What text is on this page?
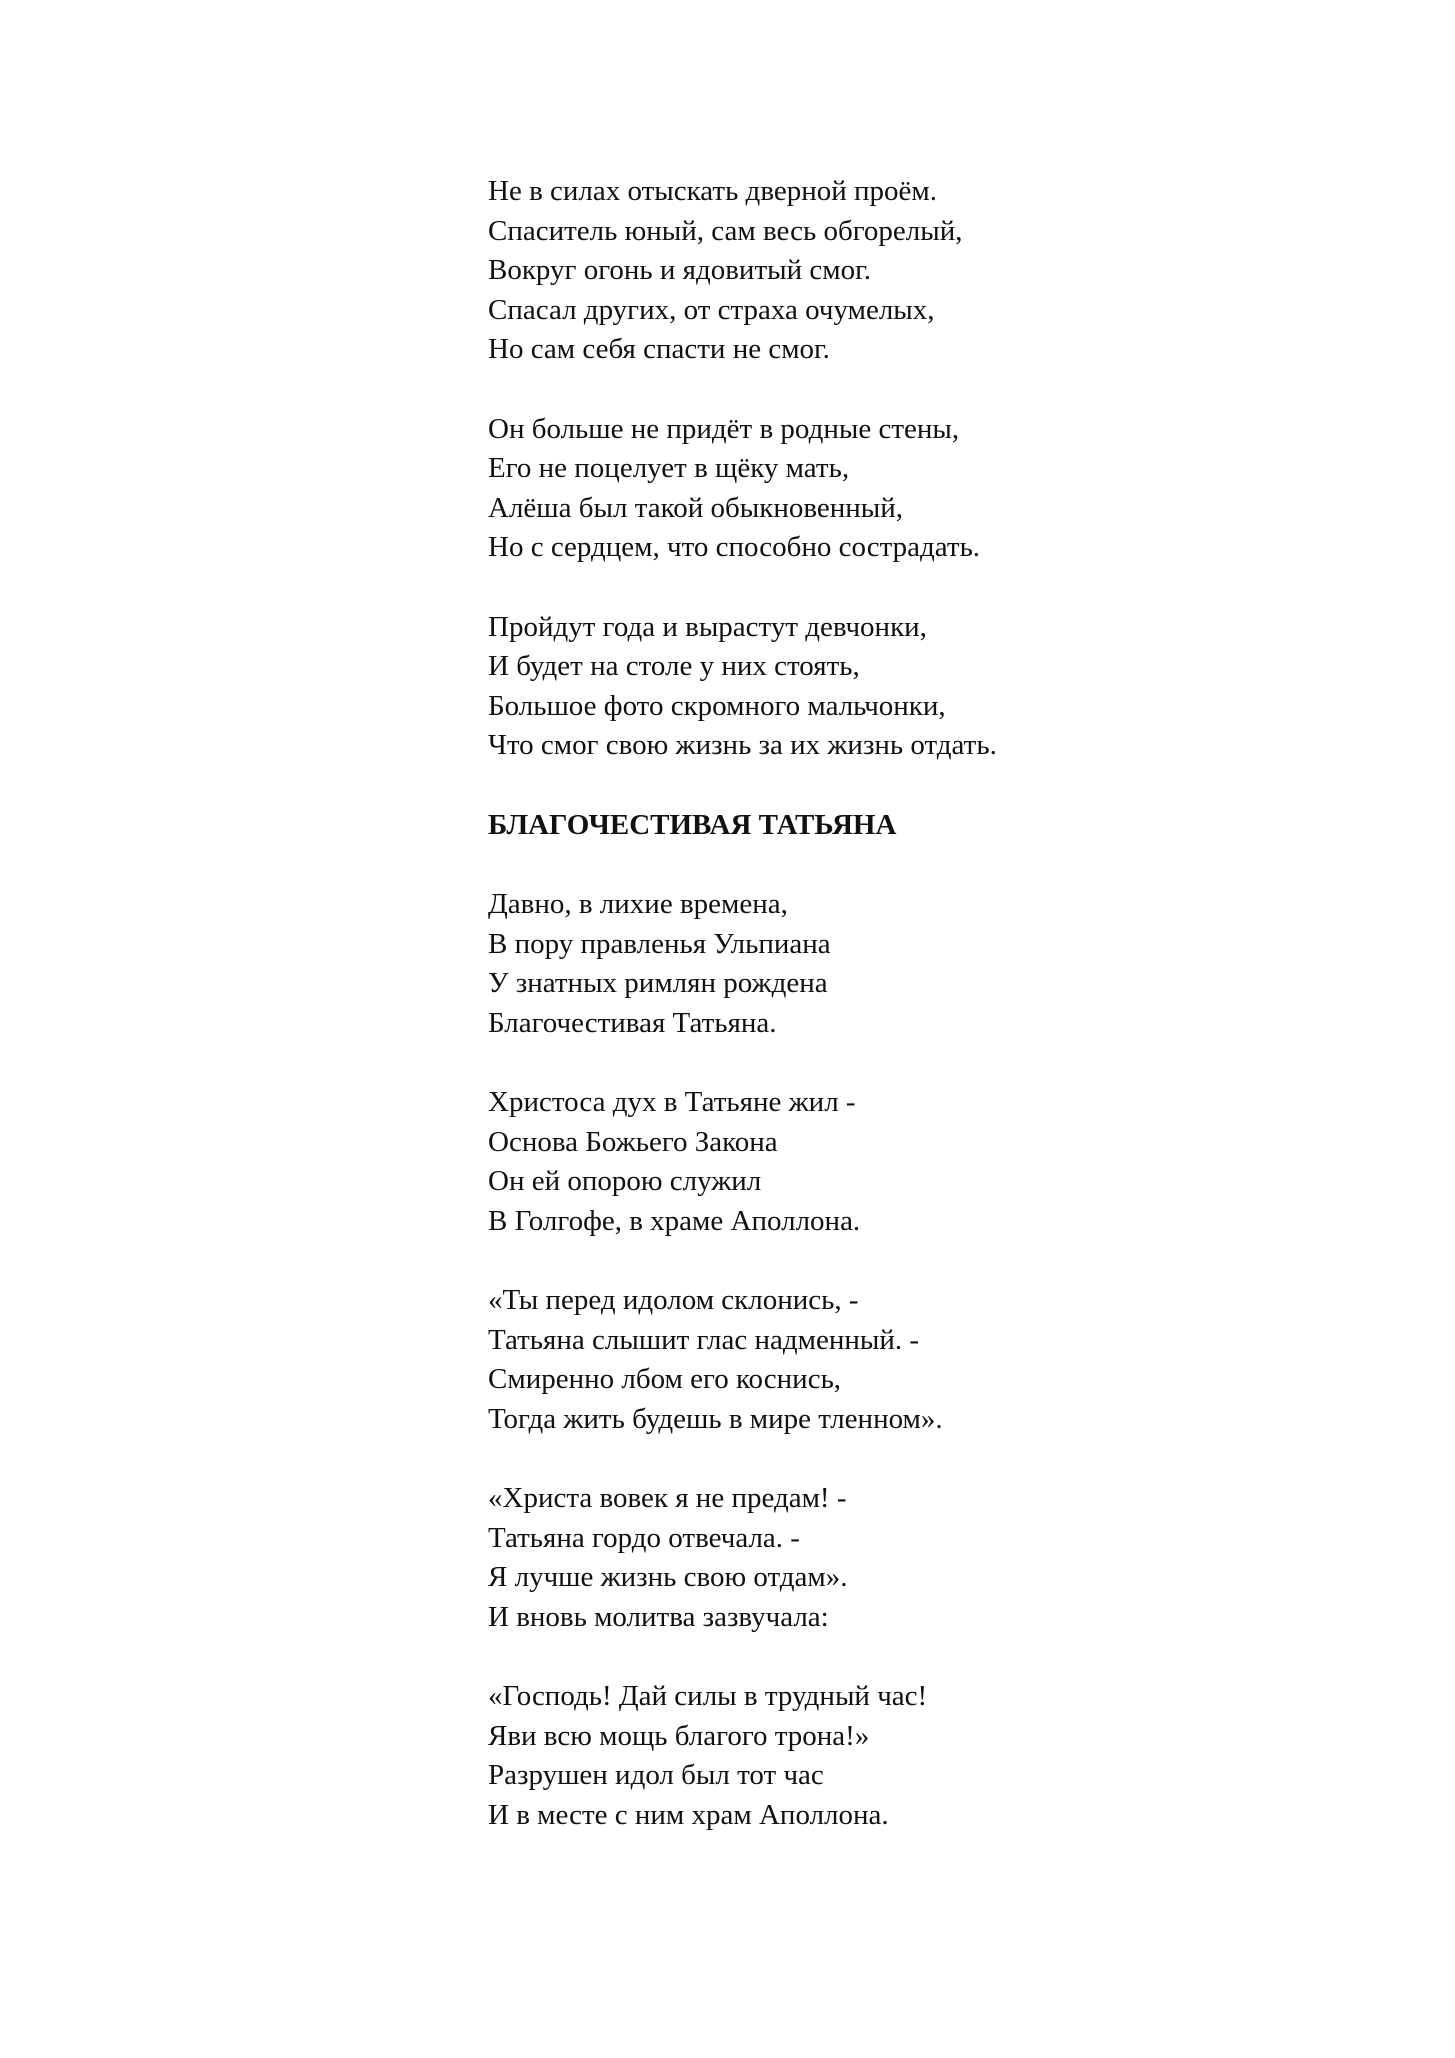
Не в силах отыскать дверной проём.
Спаситель юный, сам весь обгорелый,
Вокруг огонь и ядовитый смог.
Спасал других, от страха очумелых,
Но сам себя спасти не смог.
Он больше не придёт в родные стены,
Его не поцелует в щёку мать,
Алёша был такой обыкновенный,
Но с сердцем, что способно сострадать.
Пройдут года и вырастут девчонки,
И будет на столе у них стоять,
Большое фото скромного мальчонки,
Что смог свою жизнь за их жизнь отдать.
БЛАГОЧЕСТИВАЯ ТАТЬЯНА
Давно, в лихие времена,
В пору правленья Ульпиана
У знатных римлян рождена
Благочестивая Татьяна.
Христоса дух в Татьяне жил -
Основа Божьего Закона
Он ей опорою служил
В Голгофе, в храме Аполлона.
«Ты перед идолом склонись, -
Татьяна слышит глас надменный. -
Смиренно лбом его коснись,
Тогда жить будешь в мире тленном».
«Христа вовек я не предам! -
Татьяна гордо отвечала. -
Я лучше жизнь свою отдам».
И вновь молитва зазвучала:
«Господь! Дай силы в трудный час!
Яви всю мощь благого трона!»
Разрушен идол был тот час
И в месте с ним храм Аполлона.
